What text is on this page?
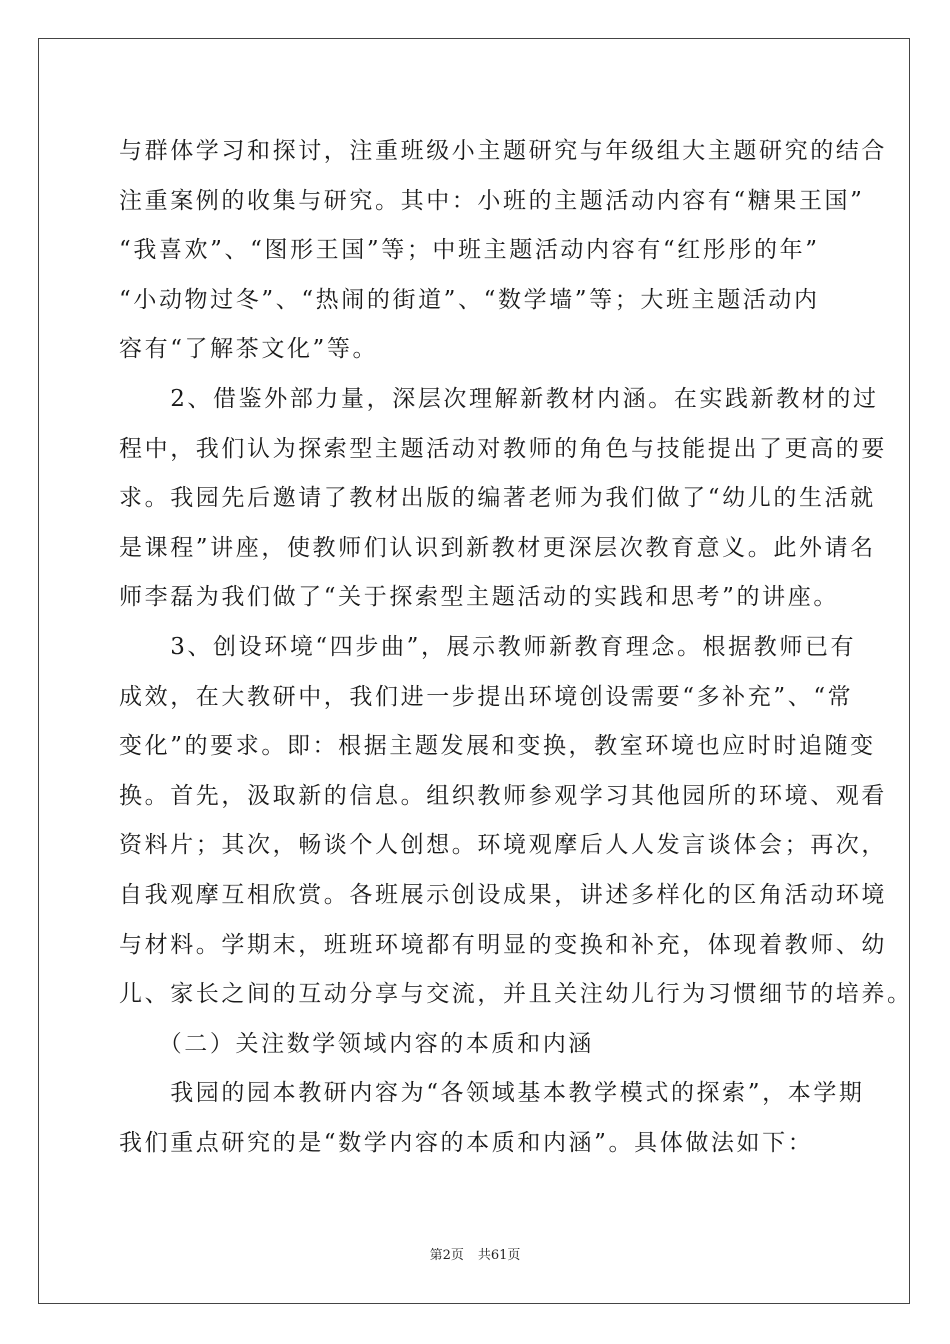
与群体学习和探讨，注重班级小主题研究与年级组大主题研究的结合
注重案例的收集与研究。其中：小班的主题活动内容有“糖果王国”
“我喜欢”、“图形王国”等；中班主题活动内容有“红彤彤的年”
“小动物过冬”、“热闹的街道”、“数学墙”等；大班主题活动内
容有“了解茶文化”等。
　　2、借鉴外部力量，深层次理解新教材内涵。在实践新教材的过
程中，我们认为探索型主题活动对教师的角色与技能提出了更高的要
求。我园先后邀请了教材出版的编著老师为我们做了“幼儿的生活就
是课程”讲座，使教师们认识到新教材更深层次教育意义。此外请名
师李磊为我们做了“关于探索型主题活动的实践和思考”的讲座。
　　3、创设环境“四步曲”，展示教师新教育理念。根据教师已有
成效，在大教研中，我们进一步提出环境创设需要“多补充”、“常
变化”的要求。即：根据主题发展和变换，教室环境也应时时追随变
换。首先，汲取新的信息。组织教师参观学习其他园所的环境、观看
资料片；其次，畅谈个人创想。环境观摩后人人发言谈体会；再次，
自我观摩互相欣赏。各班展示创设成果，讲述多样化的区角活动环境
与材料。学期末，班班环境都有明显的变换和补充，体现着教师、幼
儿、家长之间的互动分享与交流，并且关注幼儿行为习惯细节的培养。
　　（二）关注数学领域内容的本质和内涵
　　我园的园本教研内容为“各领域基本教学模式的探索”，本学期
我们重点研究的是“数学内容的本质和内涵”。具体做法如下：
第2页 共61页
